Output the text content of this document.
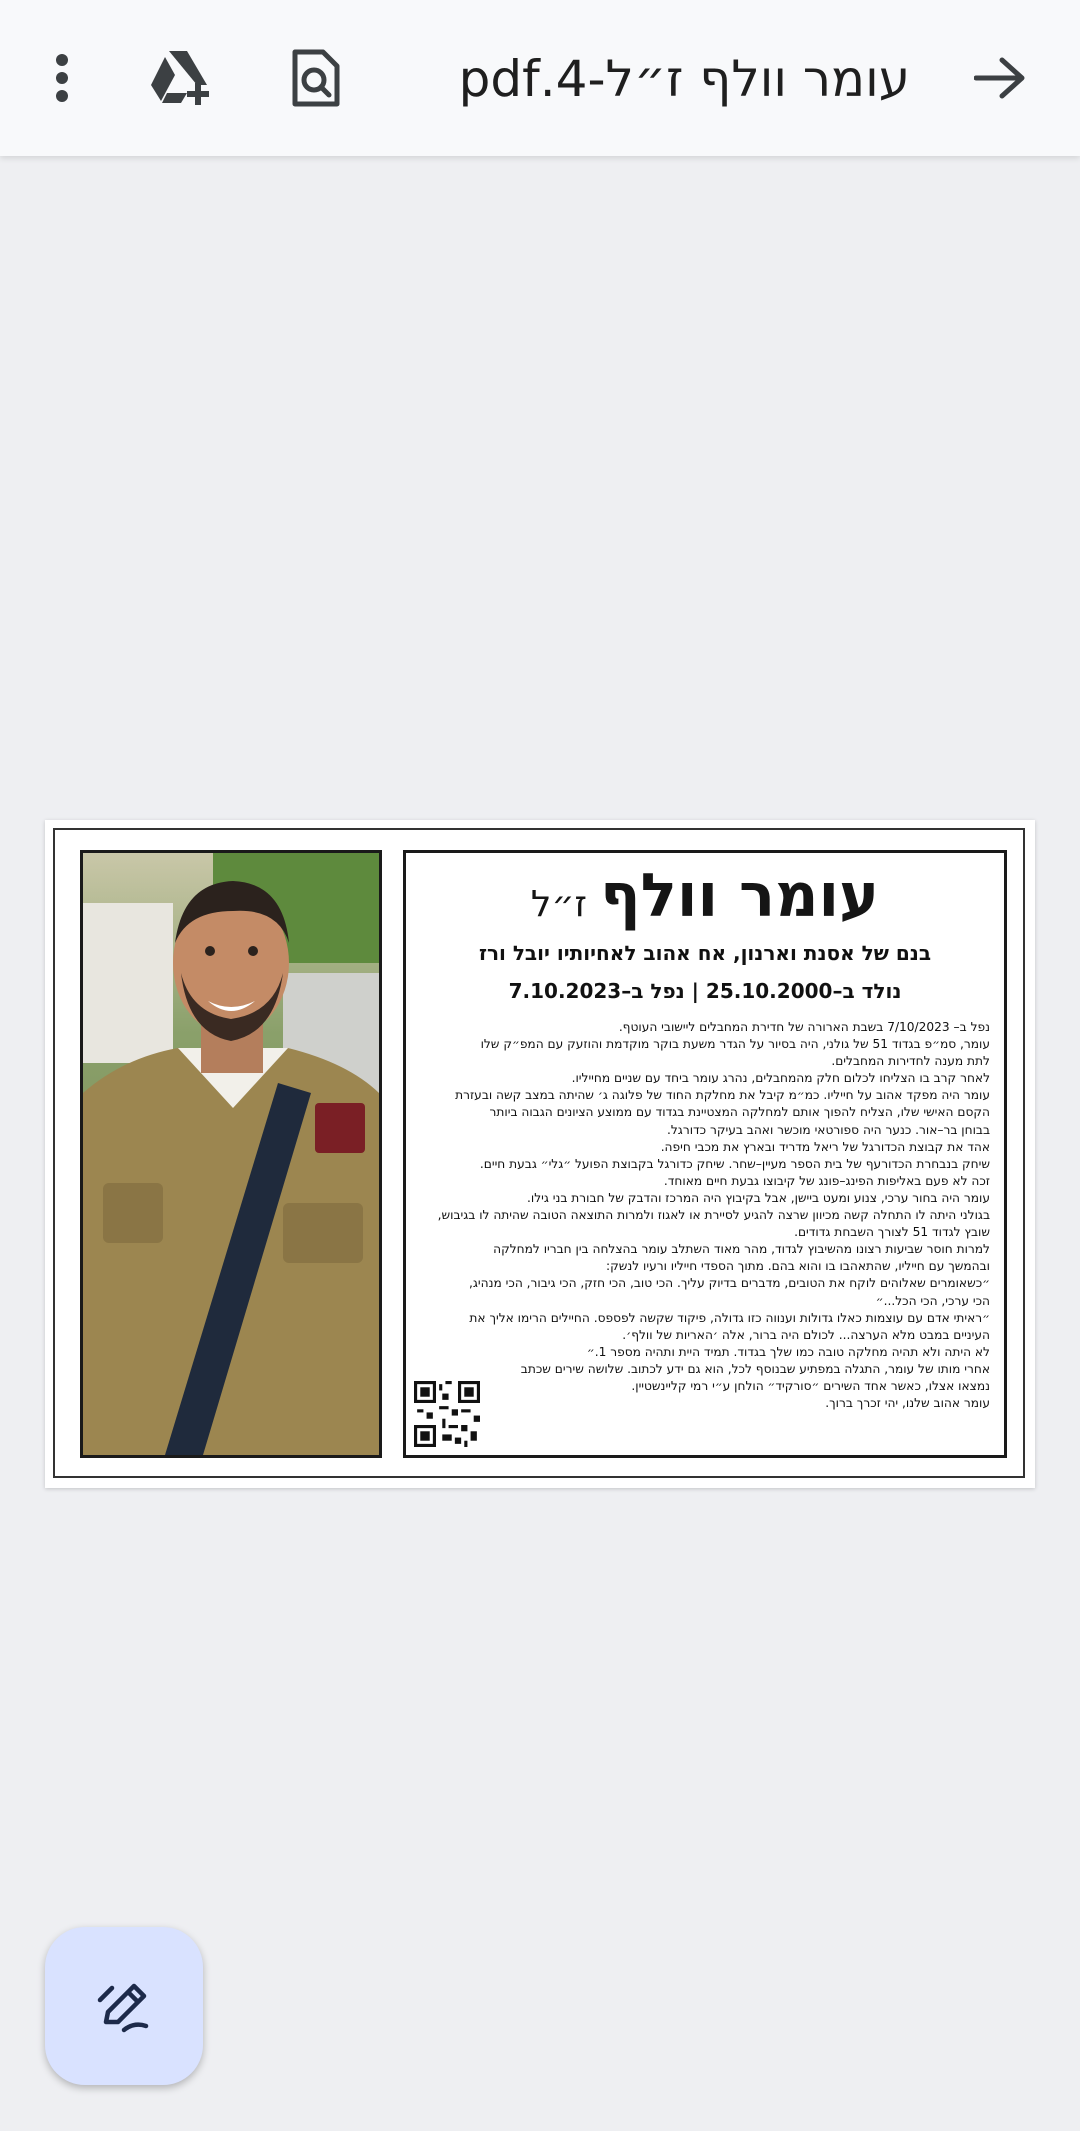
עומר וולף ז״ל-4.pdf
עומר וולף ז״ל
בנם של אסנת וארנון, אח אהוב לאחיותיו יובל ורז
נולד ב–25.10.2000 | נפל ב–7.10.2023
נפל ב– 7/10/2023 בשבת הארורה של חדירת המחבלים ליישובי העוטף.
עומר, סמ״פ בגדוד 51 של גולני, היה בסיור על הגדר משעת בוקר מוקדמת והוזעק עם המפ״ק שלו
לתת מענה לחדירות המחבלים.
לאחר קרב בו הצליחו לכלום חלק מהמחבלים, נהרג עומר ביחד עם שניים מחייליו.
עומר היה מפקד אהוב על חייליו. כמ״מ קיבל את מחלקת החוד של פלוגה ג׳ שהיתה במצב קשה ובעזרת
הקסם האישי שלו, הצליח להפוך אותם למחלקה המצטיינת בגדוד עם ממוצע הציונים הגבוה ביותר
בבוחן בר–אור. כנער היה ספורטאי מוכשר ואהב בעיקר כדורגל.
אהד את קבוצת הכדורגל של ריאל מדריד ובארץ את מכבי חיפה.
שיחק בנבחרת הכדורעף של בית הספר מעיין–שחר. שיחק כדורגל בקבוצת הפועל ״גלי״ גבעת חיים.
זכה לא פעם באליפות הפינג–פונג של קיבוצו גבעת חיים מאוחד.
עומר היה בחור ערכי, צנוע ומעט ביישן, אבל בקיבוץ היה המרכז והדבק של חבורת בני גילו.
בגולני היתה לו התחלה קשה מכיוון שרצה להגיע לסיירת או לאגוז ולמרות התוצאה הטובה שהיתה לו בגיבוש,
שובץ לגדוד 51 לצורך השבחת גדודים.
למרות חוסר שביעות רצונו מהשיבוץ לגדוד, מהר מאוד השתלב עומר בהצלחה בין חבריו למחלקה
ובהמשך עם חייליו, שהתאהבו בו והוא בהם. מתוך הספדי חייליו ורעיו לנשק:
״כשאומרים שאלוהים לוקח את הטובים, מדברים בדיוק עליך. הכי טוב, הכי חזק, הכי גיבור, הכי מנהיג,
הכי ערכי, הכי הכל...״
״ראיתי אדם עם עוצמות כאלו גדולות וענווה כזו גדולה, פיקוד שקשה לפספס. החיילים הרימו אליך את
העיניים במבט מלא הערצה... לכולם היה ברור, אלה ׳האריות של וולף׳.
לא היתה ולא תהיה מחלקה טובה כמו שלך בגדוד. תמיד היית ותהיה מספר 1.״
אחרי מותו של עומר, התגלה במפתיע שבנוסף לכל, הוא גם ידע לכתוב. שלושה שירים שכתב
נמצאו אצלו, כאשר אחד השירים ״סורקיד״ הולחן ע״י רמי קליינשטיין.
עומר אהוב שלנו, יהי זכרך ברוך.
